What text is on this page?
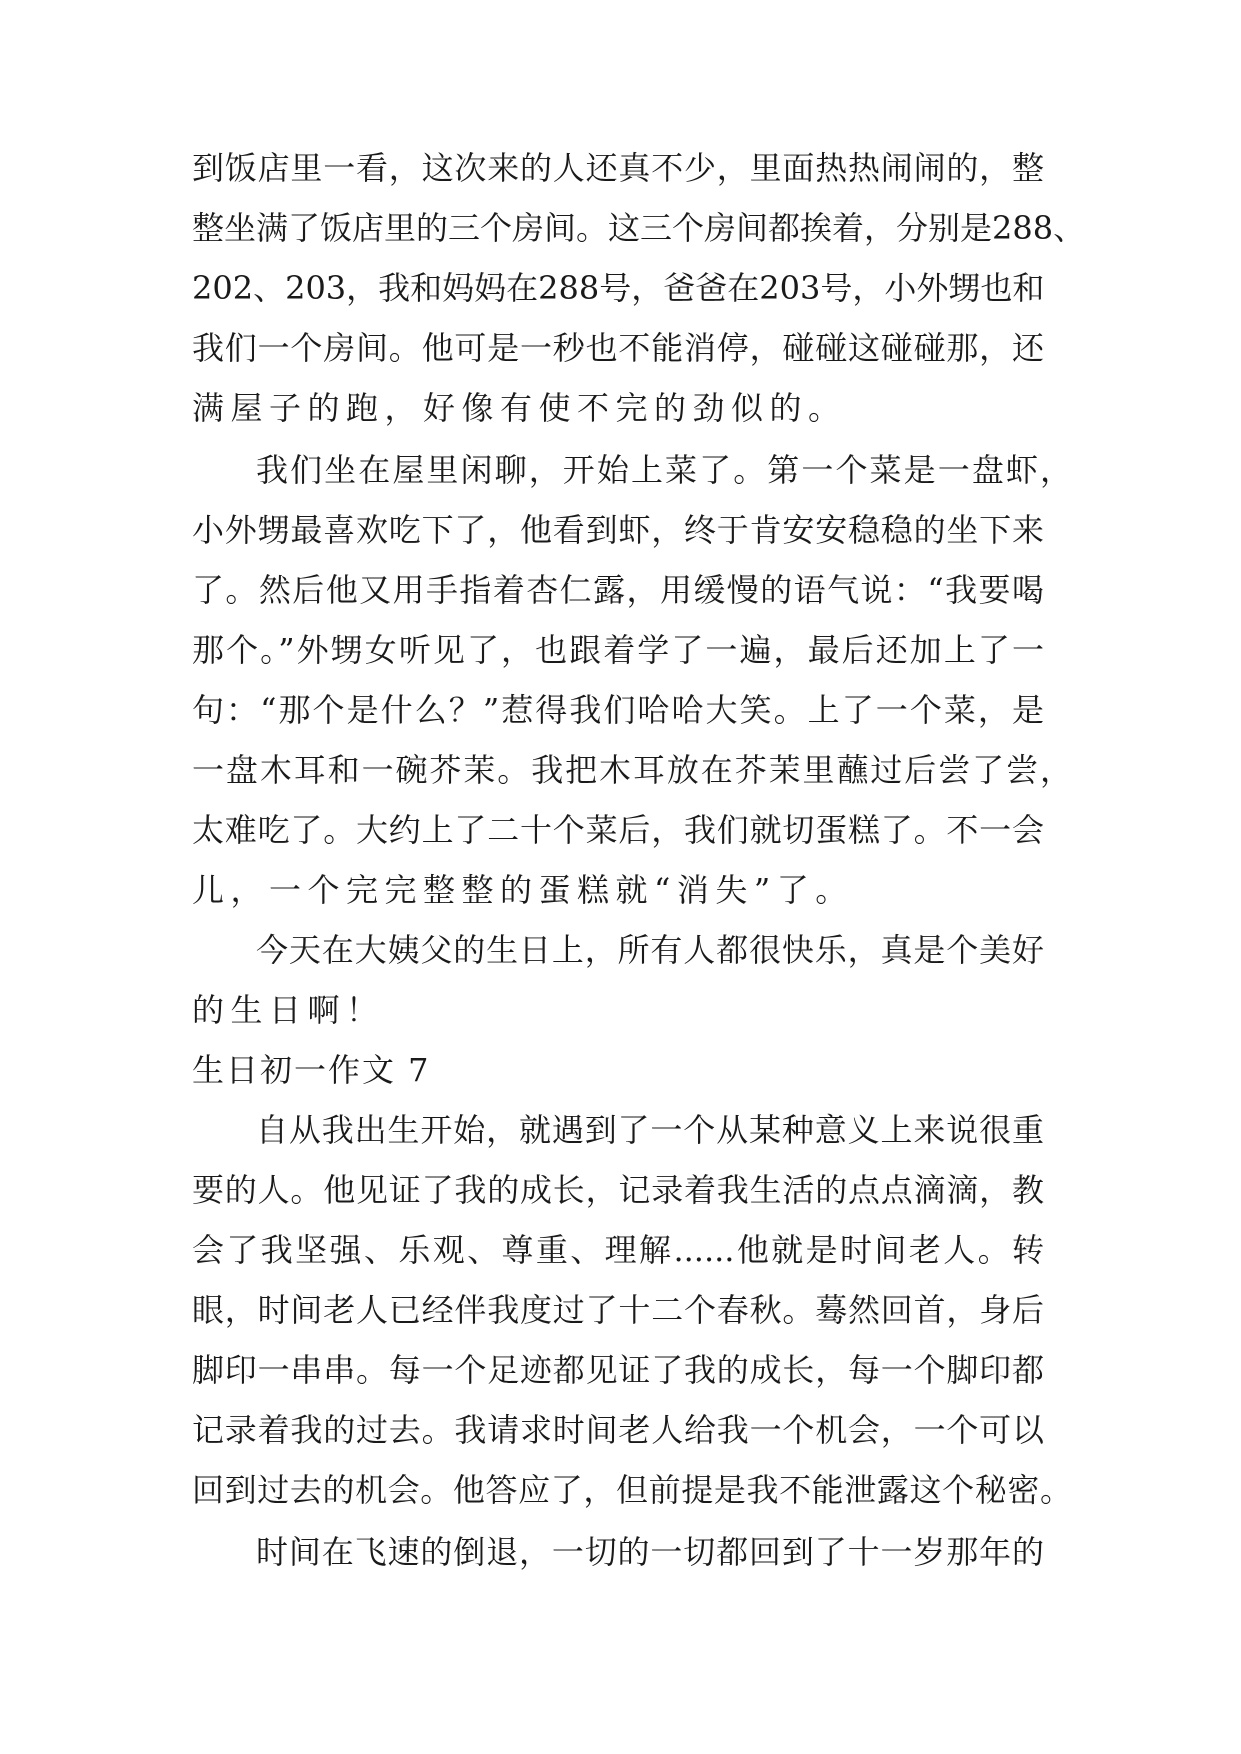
到饭店里一看，这次来的人还真不少，里面热热闹闹的，整
整坐满了饭店里的三个房间。这三个房间都挨着，分别是288、
202、203，我和妈妈在288号，爸爸在203号，小外甥也和
我们一个房间。他可是一秒也不能消停，碰碰这碰碰那，还
满屋子的跑，好像有使不完的劲似的。
我们坐在屋里闲聊，开始上菜了。第一个菜是一盘虾，
小外甥最喜欢吃下了，他看到虾，终于肯安安稳稳的坐下来
了。然后他又用手指着杏仁露，用缓慢的语气说：“我要喝
那个。”外甥女听见了，也跟着学了一遍，最后还加上了一
句：“那个是什么？”惹得我们哈哈大笑。上了一个菜，是
一盘木耳和一碗芥茉。我把木耳放在芥茉里蘸过后尝了尝，
太难吃了。大约上了二十个菜后，我们就切蛋糕了。不一会
儿，一个完完整整的蛋糕就“消失”了。
今天在大姨父的生日上，所有人都很快乐，真是个美好
的生日啊！
生日初一作文 7
自从我出生开始，就遇到了一个从某种意义上来说很重
要的人。他见证了我的成长，记录着我生活的点点滴滴，教
会了我坚强、乐观、尊重、理解......他就是时间老人。转
眼，时间老人已经伴我度过了十二个春秋。蓦然回首，身后
脚印一串串。每一个足迹都见证了我的成长，每一个脚印都
记录着我的过去。我请求时间老人给我一个机会，一个可以
回到过去的机会。他答应了，但前提是我不能泄露这个秘密。
时间在飞速的倒退，一切的一切都回到了十一岁那年的
